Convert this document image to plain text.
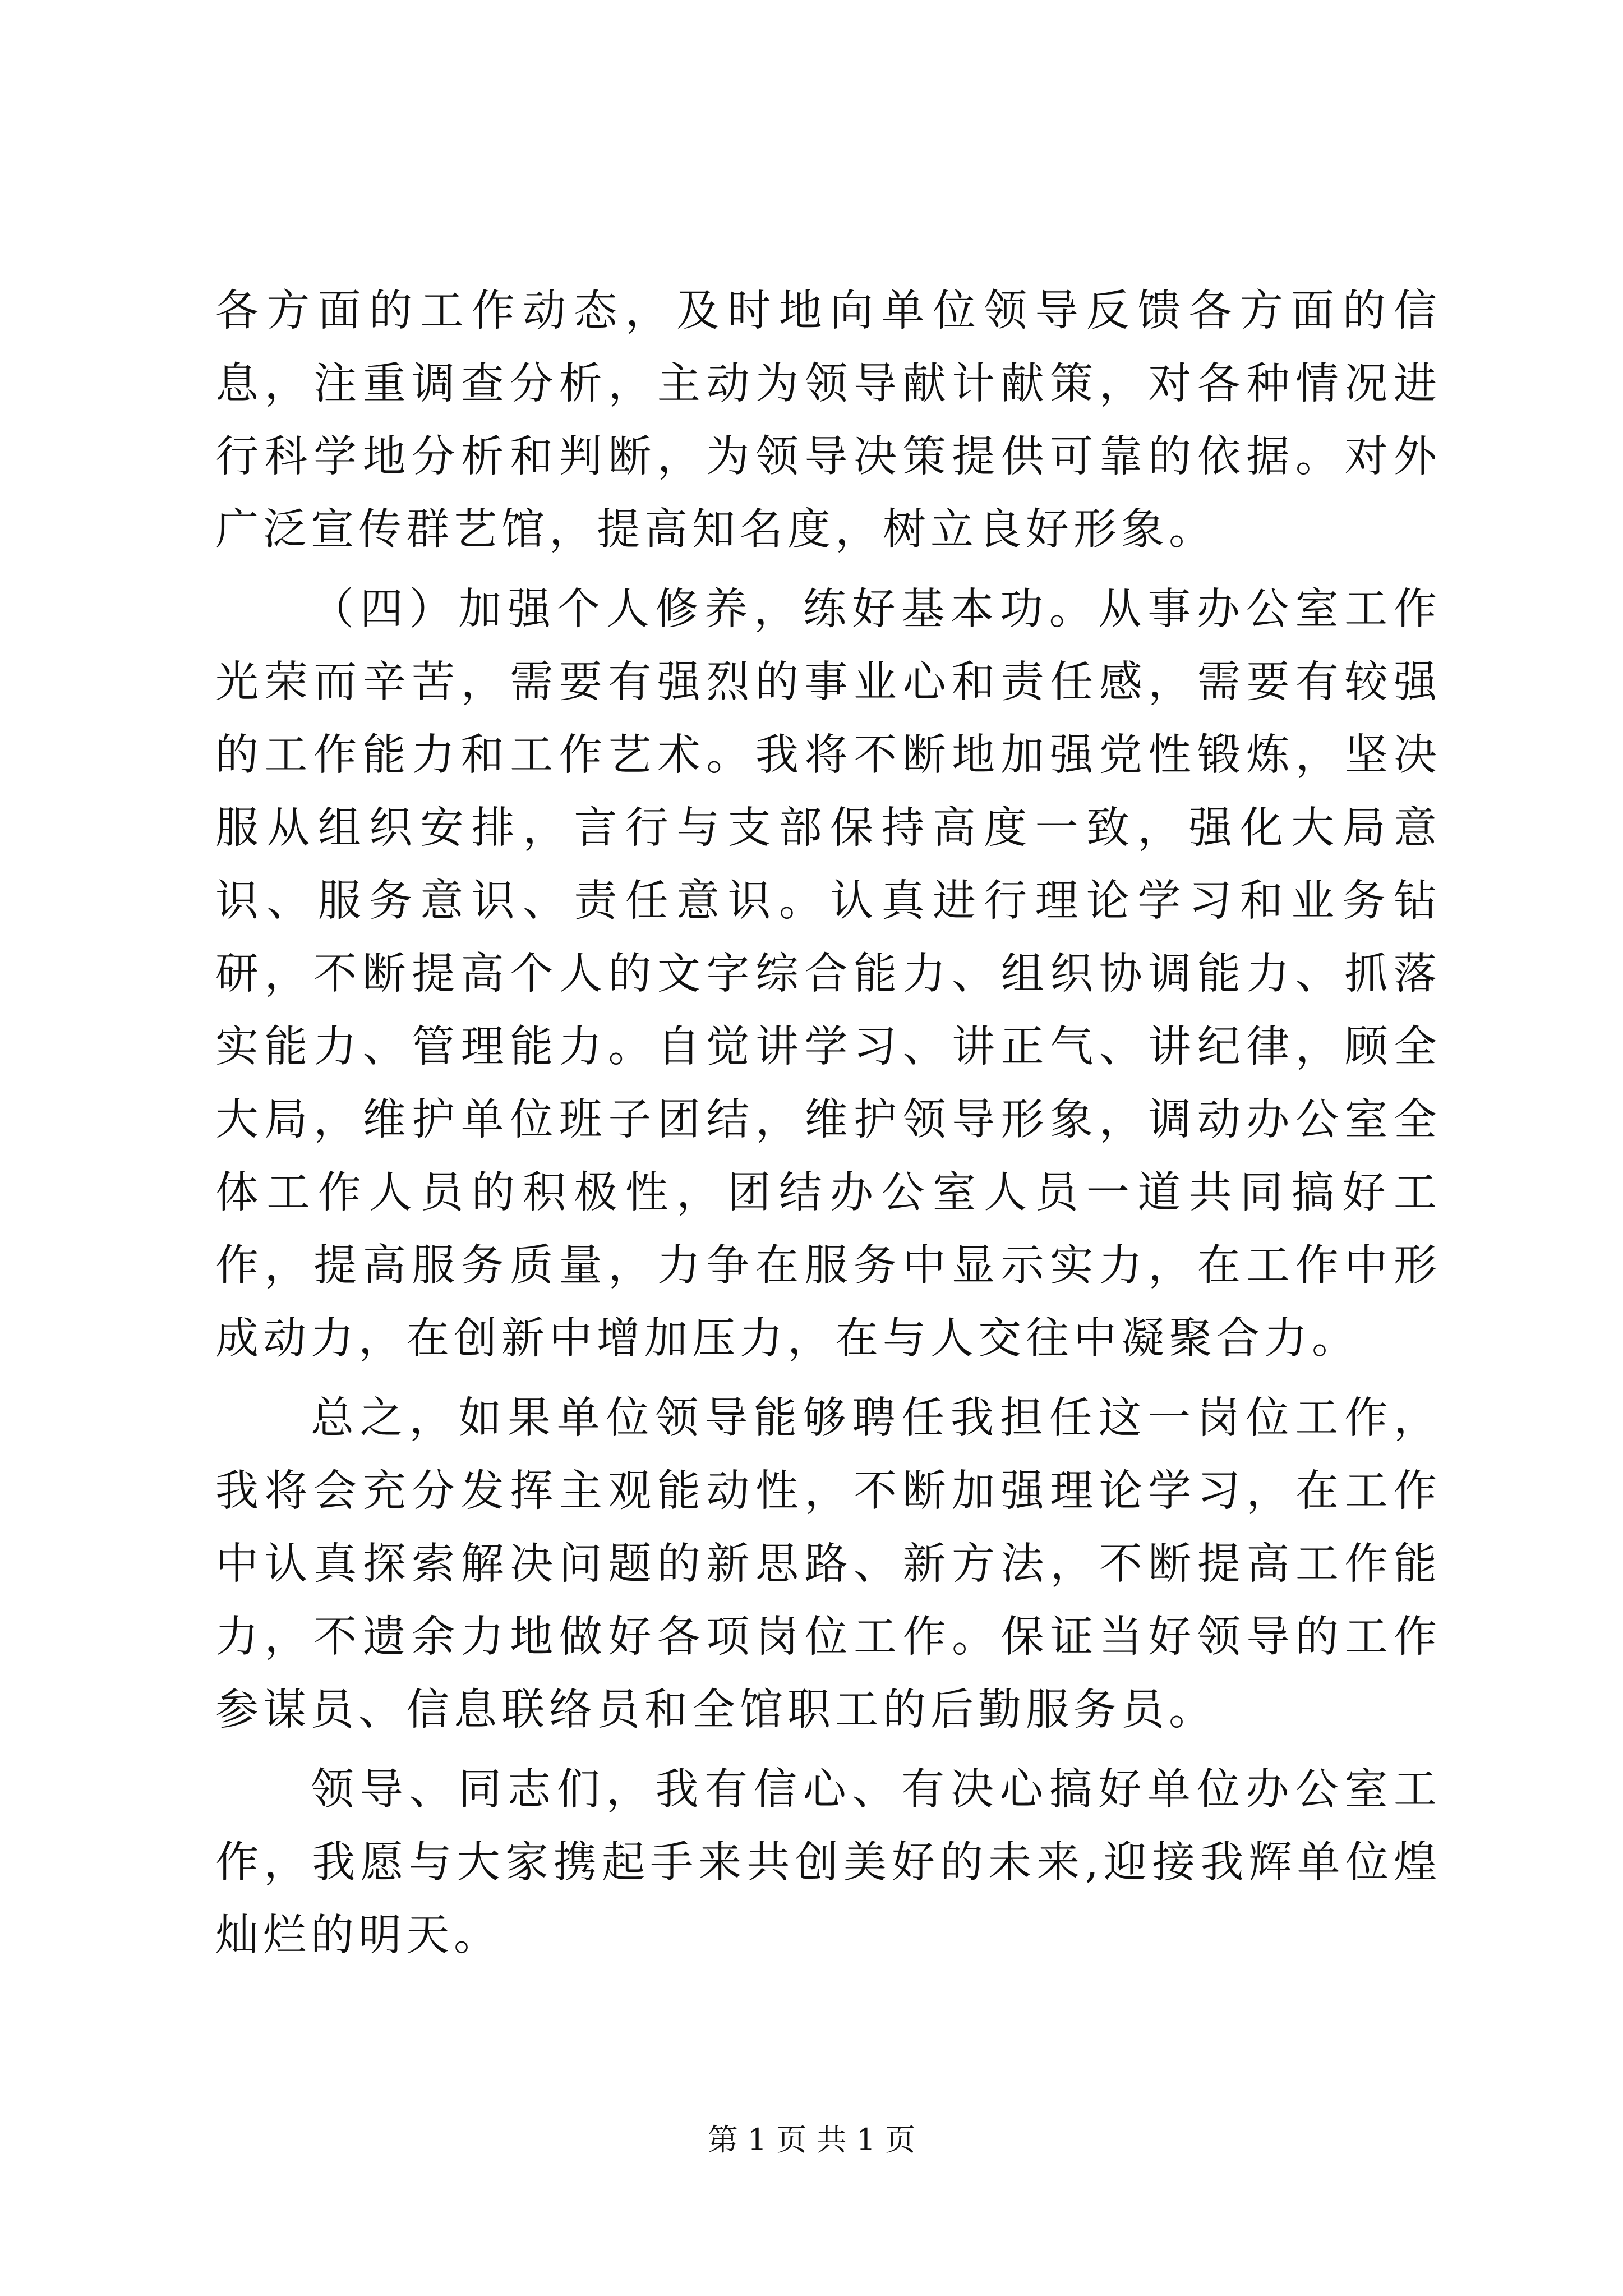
各方面的工作动态，及时地向单位领导反馈各方面的信息，注重调查分析，主动为领导献计献策，对各种情况进行科学地分析和判断，为领导决策提供可靠的依据。对外广泛宣传群艺馆，提高知名度，树立良好形象。

（四）加强个人修养，练好基本功。从事办公室工作光荣而辛苦，需要有强烈的事业心和责任感，需要有较强的工作能力和工作艺术。我将不断地加强党性锻炼，坚决服从组织安排，言行与支部保持高度一致，强化大局意识、服务意识、责任意识。认真进行理论学习和业务钻研，不断提高个人的文字综合能力、组织协调能力、抓落实能力、管理能力。自觉讲学习、讲正气、讲纪律，顾全大局，维护单位班子团结，维护领导形象，调动办公室全体工作人员的积极性，团结办公室人员一道共同搞好工作，提高服务质量，力争在服务中显示实力，在工作中形成动力，在创新中增加压力，在与人交往中凝聚合力。

总之，如果单位领导能够聘任我担任这一岗位工作，我将会充分发挥主观能动性，不断加强理论学习，在工作中认真探索解决问题的新思路、新方法，不断提高工作能力，不遗余力地做好各项岗位工作。保证当好领导的工作参谋员、信息联络员和全馆职工的后勤服务员。

领导、同志们，我有信心、有决心搞好单位办公室工作，我愿与大家携起手来共创美好的未来,迎接我辉单位煌灿烂的明天。

第 1 页 共 1 页
